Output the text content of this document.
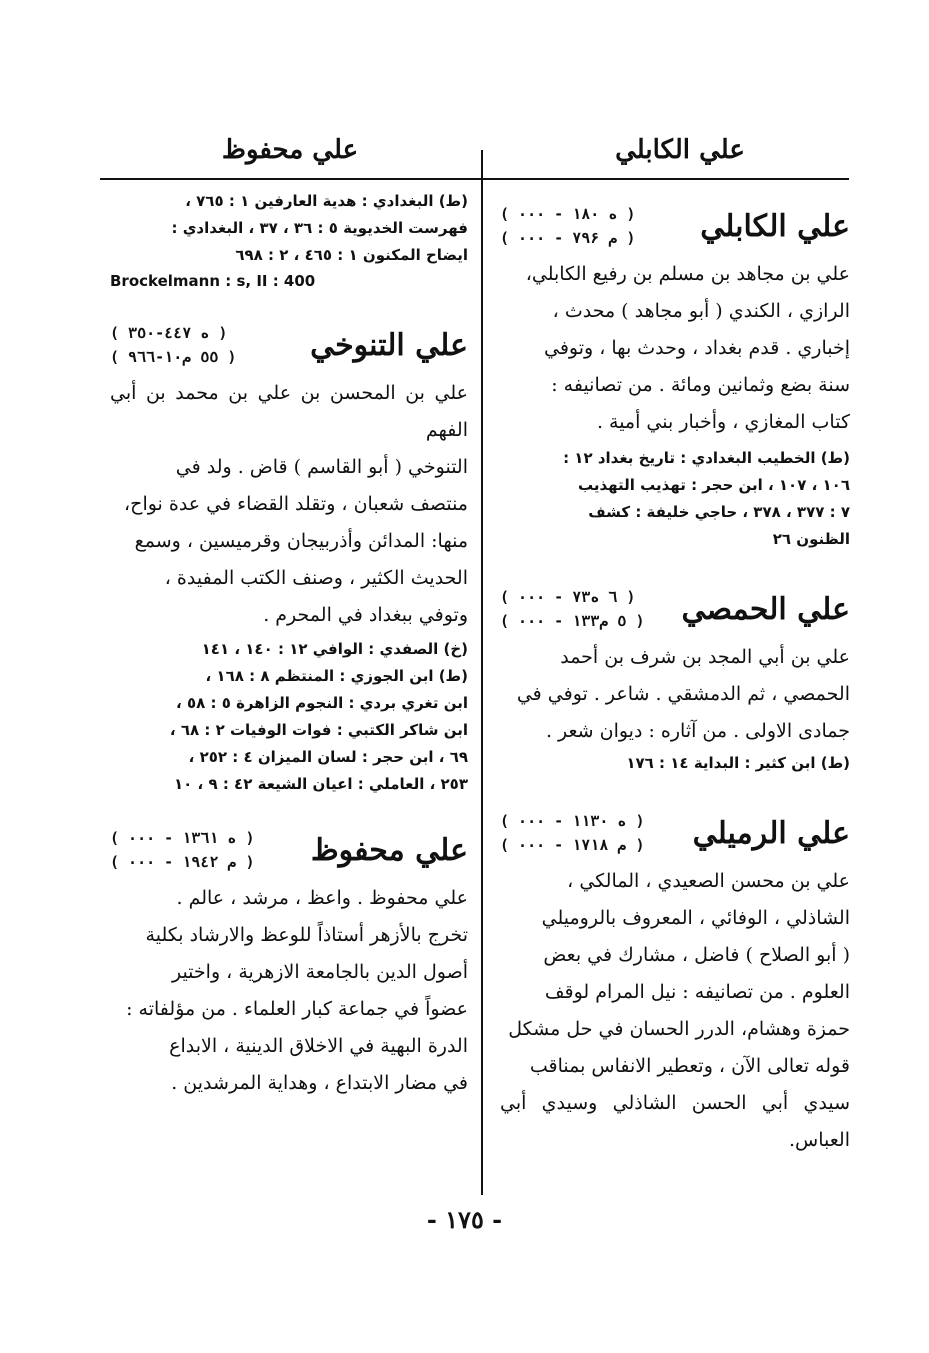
علي الكابلي
علي محفوظ
علي الكابلي
( ۰۰۰ - ۱۸۰ ه )
( ۰۰۰ - ۷۹۶ م )
علي بن مجاهد بن مسلم بن رفيع الكابلي،
الرازي ، الكندي ( أبو مجاهد ) محدث ،
إخباري . قدم بغداد ، وحدث بها ، وتوفي
سنة بضع وثمانين ومائة . من تصانيفه :
كتاب المغازي ، وأخبار بني أمية .
(ط) الخطيب البغدادي : تاريخ بغداد ١٢ :
١٠٦ ، ١٠٧ ، ابن حجر : تهذيب التهذيب
٧ : ٣٧٧ ، ٣٧٨ ، حاجي خليفة : كشف
الظنون ٢٦
علي الحمصي
( ۰۰۰ - ۷۳٦ ه )
( ۰۰۰ - ۱۳۳٥ م )
علي بن أبي المجد بن شرف بن أحمد
الحمصي ، ثم الدمشقي . شاعر . توفي في
جمادى الاولى . من آثاره : ديوان شعر .
(ط) ابن كثير : البداية ١٤ : ١٧٦
علي الرميلي
( ۰۰۰ - ۱۱۳۰ ه )
( ۰۰۰ - ۱۷۱۸ م )
علي بن محسن الصعيدي ، المالكي ،
الشاذلي ، الوفائي ، المعروف بالروميلي
( أبو الصلاح ) فاضل ، مشارك في بعض
العلوم . من تصانيفه : نيل المرام لوقف
حمزة وهشام، الدرر الحسان في حل مشكل
قوله تعالى الآن ، وتعطير الانفاس بمناقب
سيدي أبي الحسن الشاذلي وسيدي أبي العباس.
(ط) البغدادي : هدية العارفين ١ : ٧٦٥ ،
فهرست الخديوية ٥ : ٣٦ ، ٣٧ ، البغدادي :
ايضاح المكنون ١ : ٤٦٥ ، ٢ : ٦٩٨
Brockelmann : s, II : 400
علي التنوخي
( ۳٥۰-٤٤۷ ه )
( ۹٦٦-۱۰٥٥ م )
علي بن المحسن بن علي بن محمد بن أبي الفهم
التنوخي ( أبو القاسم ) قاض . ولد في
منتصف شعبان ، وتقلد القضاء في عدة نواح،
منها: المدائن وأذربيجان وقرميسين ، وسمع
الحديث الكثير ، وصنف الكتب المفيدة ،
وتوفي ببغداد في المحرم .
(خ) الصفدي : الوافي ١٢ : ١٤٠ ، ١٤١
(ط) ابن الجوزي : المنتظم ٨ : ١٦٨ ،
ابن تغري بردي : النجوم الزاهرة ٥ : ٥٨ ،
ابن شاكر الكتبي : فوات الوفيات ٢ : ٦٨ ،
٦٩ ، ابن حجر : لسان الميزان ٤ : ٢٥٢ ،
٢٥٣ ، العاملي : اعيان الشيعة ٤٢ : ٩ ، ١٠
علي محفوظ
( ۰۰۰ - ۱۳٦۱ ه )
( ۰۰۰ - ۱۹٤۲ م )
علي محفوظ . واعظ ، مرشد ، عالم .
تخرج بالأزهر أستاذاً للوعظ والارشاد بكلية
أصول الدين بالجامعة الازهرية ، واختير
عضواً في جماعة كبار العلماء . من مؤلفاته :
الدرة البهية في الاخلاق الدينية ، الابداع
في مضار الابتداع ، وهداية المرشدين .
- ١٧٥ -
